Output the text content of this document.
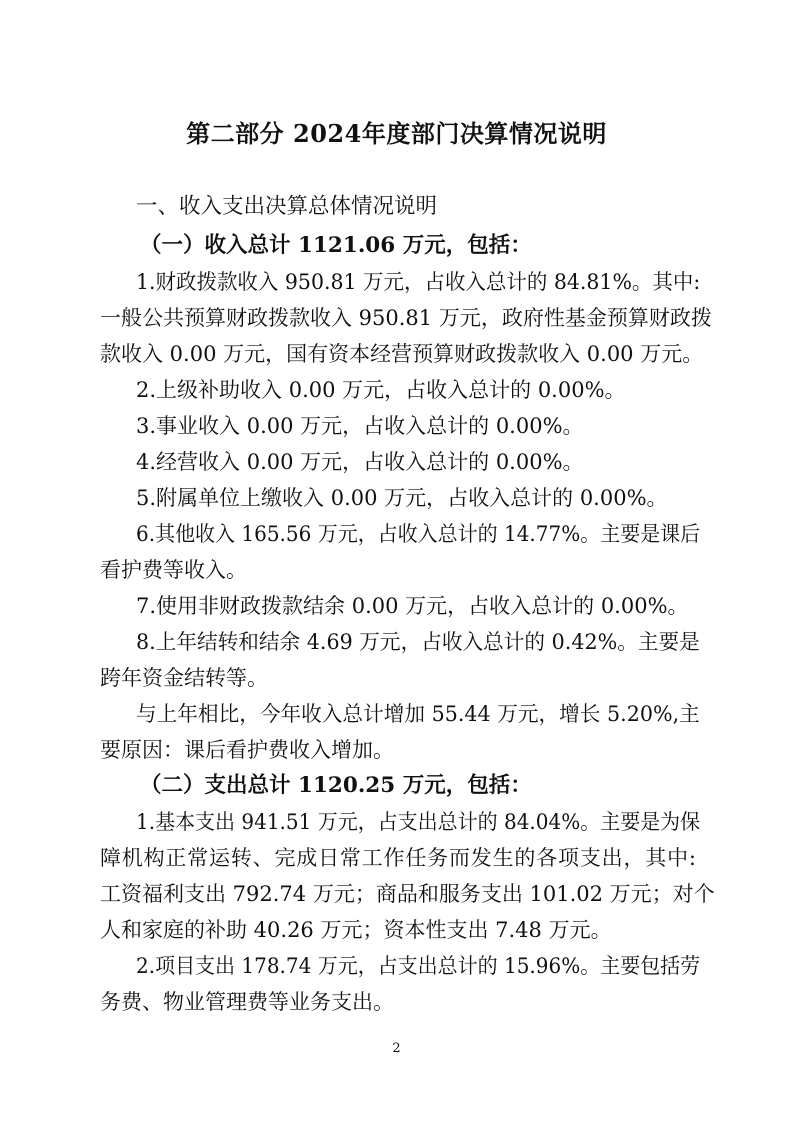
第二部分 2024年度部门决算情况说明
一、收入支出决算总体情况说明
（一）收入总计 1121.06 万元，包括：
1.财政拨款收入 950.81 万元，占收入总计的 84.81%。其中:
一般公共预算财政拨款收入 950.81 万元，政府性基金预算财政拨
款收入 0.00 万元，国有资本经营预算财政拨款收入 0.00 万元。
2.上级补助收入 0.00 万元，占收入总计的 0.00%。
3.事业收入 0.00 万元，占收入总计的 0.00%。
4.经营收入 0.00 万元，占收入总计的 0.00%。
5.附属单位上缴收入 0.00 万元，占收入总计的 0.00%。
6.其他收入 165.56 万元，占收入总计的 14.77%。主要是课后
看护费等收入。
7.使用非财政拨款结余 0.00 万元，占收入总计的 0.00%。
8.上年结转和结余 4.69 万元，占收入总计的 0.42%。主要是
跨年资金结转等。
与上年相比，今年收入总计增加 55.44 万元，增长 5.20%,主
要原因：课后看护费收入增加。
（二）支出总计 1120.25 万元，包括：
1.基本支出 941.51 万元，占支出总计的 84.04%。主要是为保
障机构正常运转、完成日常工作任务而发生的各项支出，其中:
工资福利支出 792.74 万元；商品和服务支出 101.02 万元；对个
人和家庭的补助 40.26 万元；资本性支出 7.48 万元。
2.项目支出 178.74 万元，占支出总计的 15.96%。主要包括劳
务费、物业管理费等业务支出。
2
